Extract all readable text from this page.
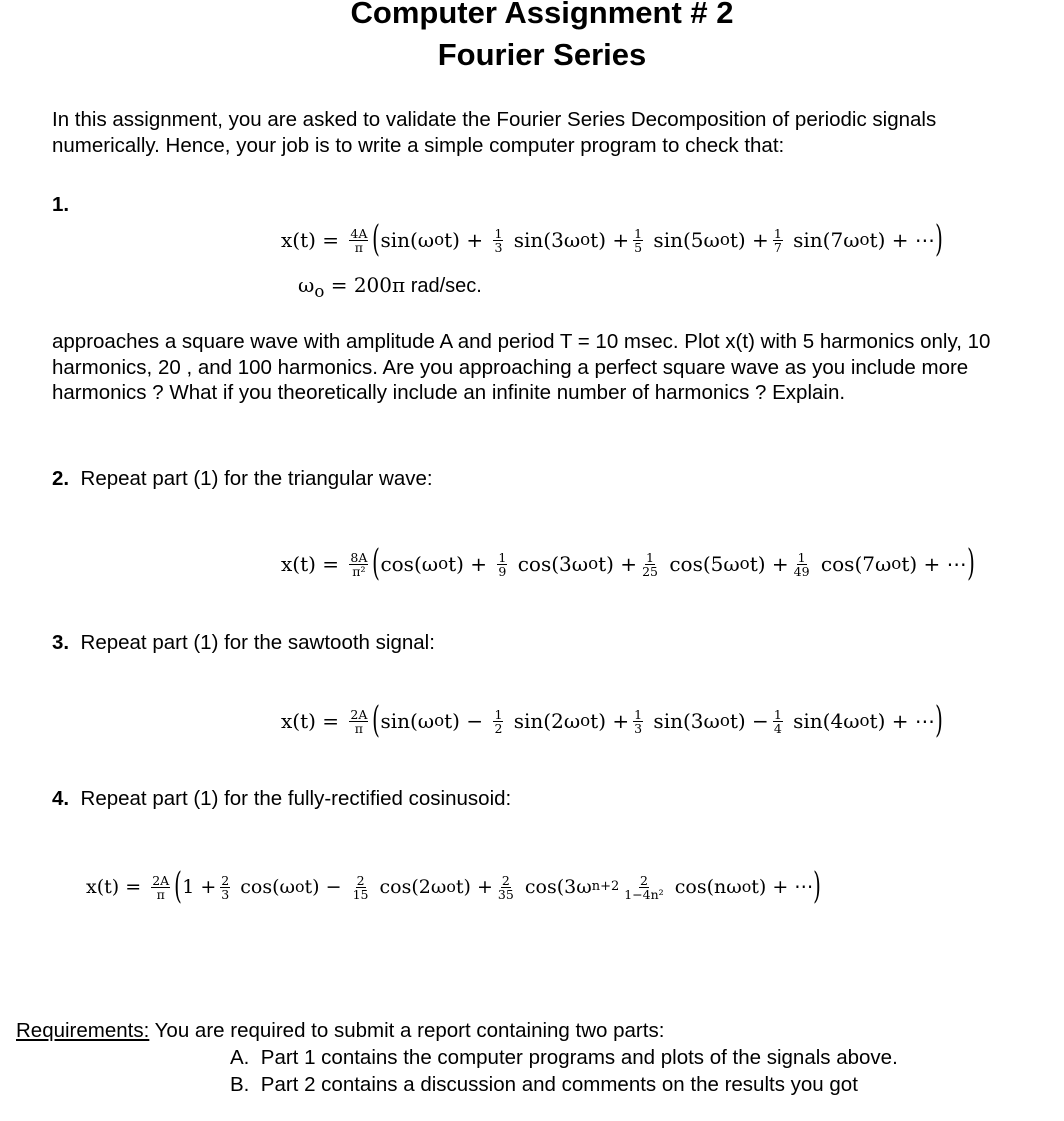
Computer Assignment # 2
Fourier Series
In this assignment, you are asked to validate the Fourier Series Decomposition of periodic signals numerically. Hence, your job is to write a simple computer program to check that:
1.
$x(t) = \frac{4A}{\pi}$ ( sin(ω o $t) + \frac{1}{3} \sin(3\omega$ o $t) + \frac{1}{5} \sin(5\omega$ o $t) + \frac{1}{7} \sin(7\omega$ o t) + ⋯ )
$\omega_o = 200\pi$ rad/sec.
approaches a square wave with amplitude A and period T = 10 msec. Plot x(t) with 5 harmonics only, 10 harmonics, 20 , and 100 harmonics. Are you approaching a perfect square wave as you include more harmonics ? What if you theoretically include an infinite number of harmonics ? Explain.
2. Repeat part (1) for the triangular wave:
$x(t) = \frac{8A}{\text{π²}}$ ( cos(ω o $t) + \frac{1}{9} \cos(3\omega$ o $t) + \frac{1}{25} \cos(5\omega$ o $t) + \frac{1}{49} \cos(7\omega$ o t) + ⋯ )
3. Repeat part (1) for the sawtooth signal:
$x(t) = \frac{2A}{\pi}$ ( sin(ω o $t) - \frac{1}{2} \sin(2\omega$ o $t) + \frac{1}{3} \sin(3\omega$ o $t) - \frac{1}{4} \sin(4\omega$ o t) + ⋯ )
4. Repeat part (1) for the fully-rectified cosinusoid:
$x(t) = \frac{2A}{\pi}$ ( $1 + \frac{2}{3} \cos(\omega$ o $t) - \frac{2}{15} \cos(2\omega$ o $t) + \frac{2}{35} \cos(3\omega$ $n+2 \frac{2}{\text{1−4n²}} \cos(n\omega$ o t) + ⋯ )
Requirements: You are required to submit a report containing two parts:
A. Part 1 contains the computer programs and plots of the signals above.
B. Part 2 contains a discussion and comments on the results you got
